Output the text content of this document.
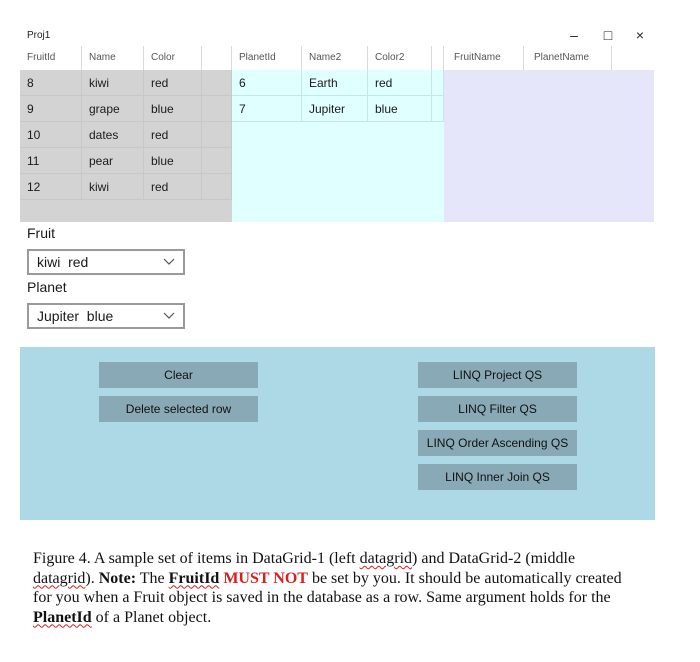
Proj1	–	□	×
FruitId	Name	Color
8	kiwi	red
9	grape	blue
10	dates	red
11	pear	blue
12	kiwi	red
PlanetId	Name2	Color2
6	Earth	red
7	Jupiter	blue
FruitName	PlanetName
Fruit
kiwi  red
Planet
Jupiter  blue
Clear
Delete selected row
LINQ Project QS
LINQ Filter QS
LINQ Order Ascending QS
LINQ Inner Join QS
Figure 4. A sample set of items in DataGrid-1 (left datagrid) and DataGrid-2 (middle datagrid). Note: The FruitId MUST NOT be set by you. It should be automatically created for you when a Fruit object is saved in the database as a row. Same argument holds for the PlanetId of a Planet object.
